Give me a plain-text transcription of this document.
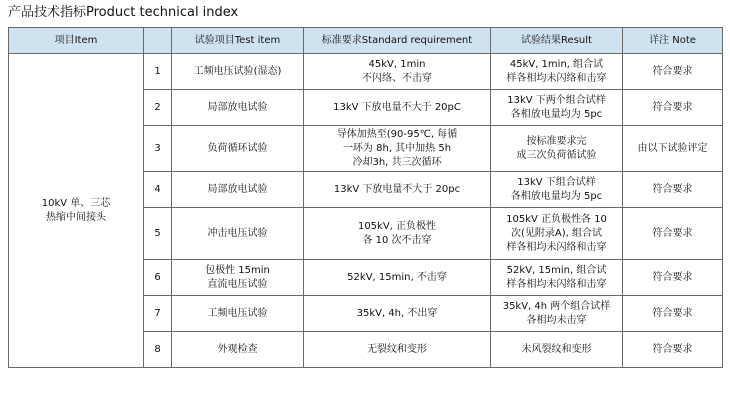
产品技术指标Product technical index
项目Item		试验项目Test item	标准要求Standard requirement	试验结果Result	详注 Note

10kV 单、三芯
热缩中间接头	1	工频电压试验(湿态)	45kV, 1min
不闪络、不击穿	45kV, 1min, 组合试
样各相均未闪络和击穿	符合要求

	2	局部放电试验	13kV 下放电量不大于 20pC	13kV 下两个组合试样
各相放电量均为 5pc	符合要求

	3	负荷循环试验	导体加热至(90-95℃, 每循
一环为 8h, 其中加热 5h
冷却3h, 共三次循环	按标准要求完
成三次负荷循试验	由以下试验评定

	4	局部放电试验	13kV 下放电量不大于 20pc	13kV 下组合试样
各相放电量均为 5pc	符合要求

	5	冲击电压试验	105kV, 正负极性
各 10 次不击穿	105kV 正负极性各 10
次(见附录A), 组合试
样各相均未闪络和击穿	符合要求

	6	包极性 15min
直流电压试验	52kV, 15min, 不击穿	52kV, 15min, 组合试
样各相均未闪络和击穿	符合要求

	7	工频电压试验	35kV, 4h, 不出穿	35kV, 4h 两个组合试样
各相均未击穿	符合要求

	8	外观检查	无裂纹和变形	未风裂纹和变形	符合要求
